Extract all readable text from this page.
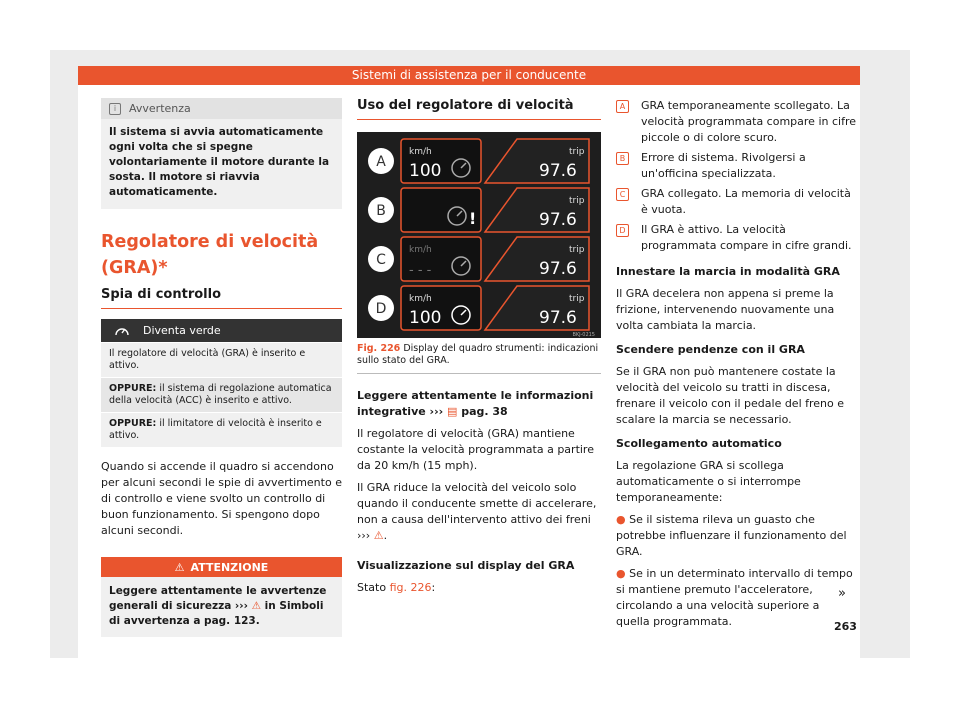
Sistemi di assistenza per il conducente
i	Avvertenza
Il sistema si avvia automaticamente ogni volta che si spegne volontariamente il motore durante la sosta. Il motore si riavvia automaticamente.
Regolatore di velocità (GRA)*
Spia di controllo
Diventa verde
Il regolatore di velocità (GRA) è inserito e attivo.
OPPURE: il sistema di regolazione automatica della velocità (ACC) è inserito e attivo.
OPPURE: il limitatore di velocità è inserito e attivo.
Quando si accende il quadro si accendono per alcuni secondi le spie di avvertimento e di controllo e viene svolto un controllo di buon funzionamento. Si spengono dopo alcuni secondi.
⚠ ATTENZIONE
Leggere attentamente le avvertenze generali di sicurezza ››› ⚠ in Simboli di avvertenza a pag. 123.
Uso del regolatore di velocità
A
km/h
100
trip
97.6
B	!
trip
97.6
C
km/h
- - -
trip
97.6
D
km/h
100
trip
97.6
BKJ-0215
Fig. 226 Display del quadro strumenti: indicazioni sullo stato del GRA.
Leggere attentamente le informazioni integrative ››› ▤ pag. 38
Il regolatore di velocità (GRA) mantiene costante la velocità programmata a partire da 20 km/h (15 mph).
Il GRA riduce la velocità del veicolo solo quando il conducente smette di accelerare, non a causa dell'intervento attivo dei freni ››› ⚠.
Visualizzazione sul display del GRA
Stato fig. 226:
A	GRA temporaneamente scollegato. La velocità programmata compare in cifre piccole o di colore scuro.
B	Errore di sistema. Rivolgersi a un'officina specializzata.
C	GRA collegato. La memoria di velocità è vuota.
D	Il GRA è attivo. La velocità programmata compare in cifre grandi.
Innestare la marcia in modalità GRA
Il GRA decelera non appena si preme la frizione, intervenendo nuovamente una volta cambiata la marcia.
Scendere pendenze con il GRA
Se il GRA non può mantenere costate la velocità del veicolo su tratti in discesa, frenare il veicolo con il pedale del freno e scalare la marcia se necessario.
Scollegamento automatico
La regolazione GRA si scollega automaticamente o si interrompe temporaneamente:
● Se il sistema rileva un guasto che potrebbe influenzare il funzionamento del GRA.
● Se in un determinato intervallo di tempo si mantiene premuto l'acceleratore, circolando a una velocità superiore a quella programmata.
»
263
